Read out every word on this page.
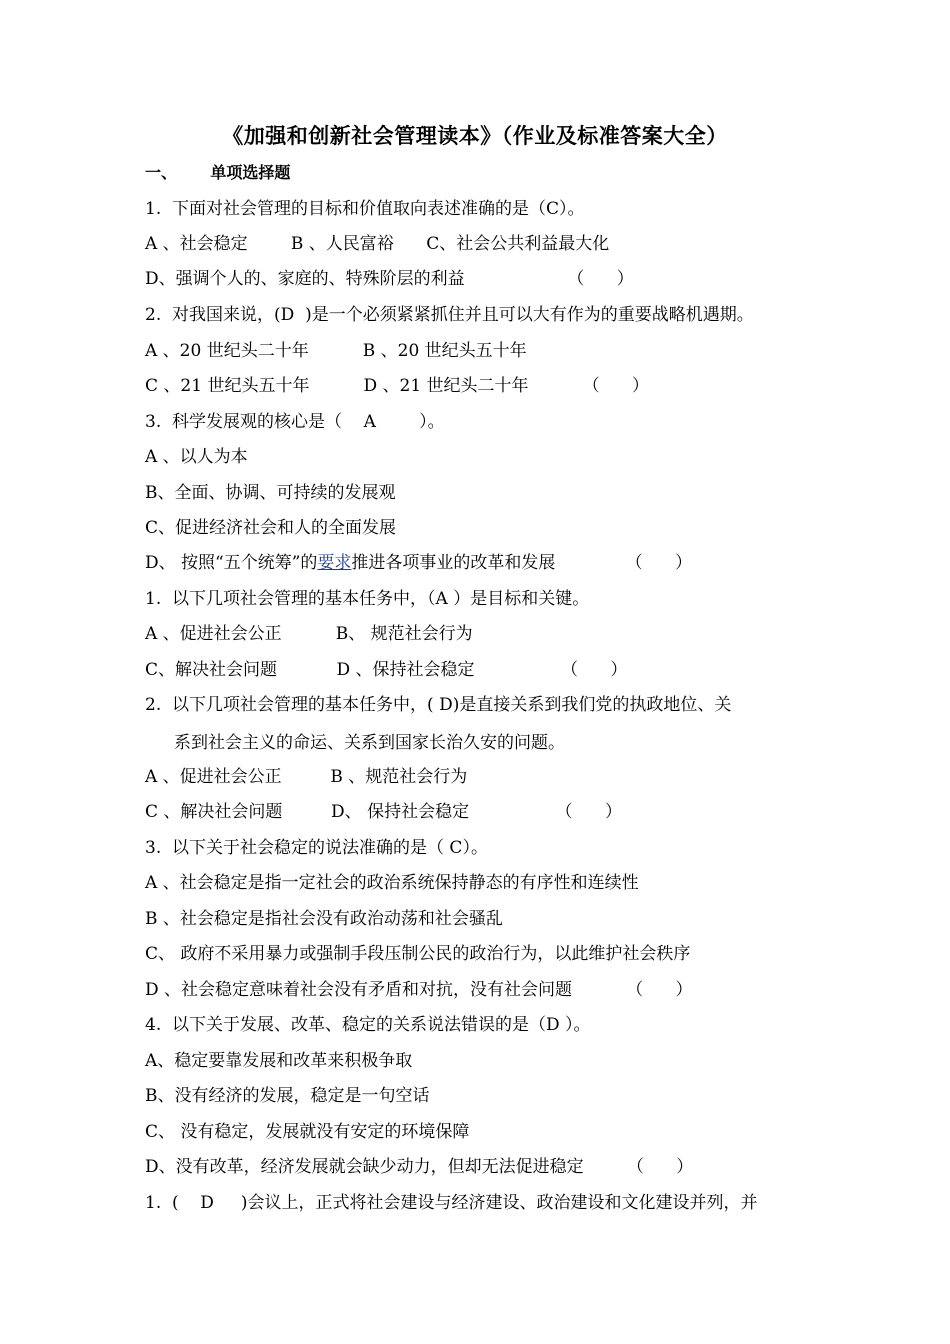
《加强和创新社会管理读本》（作业及标准答案大全）
一、      单项选择题
1.  下面对社会管理的目标和价值取向表述准确的是（C）。
A 、社会稳定        B 、人民富裕      C、社会公共利益最大化
D、强调个人的、家庭的、特殊阶层的利益                   （      ）
2.  对我国来说，(D  )是一个必须紧紧抓住并且可以大有作为的重要战略机遇期。
A 、20 世纪头二十年          B 、20 世纪头五十年
C 、21 世纪头五十年          D 、21 世纪头二十年          （      ）
3.  科学发展观的核心是（    A        ）。
A 、以人为本
B、全面、协调、可持续的发展观
C、促进经济社会和人的全面发展
D、 按照“五个统筹”的要求推进各项事业的改革和发展             （      ）
1.  以下几项社会管理的基本任务中，（A ）是目标和关键。
A 、促进社会公正          B、 规范社会行为
C、解决社会问题           D 、保持社会稳定                （      ）
2.  以下几项社会管理的基本任务中，( D)是直接关系到我们党的执政地位、关
系到社会主义的命运、关系到国家长治久安的问题。
A 、促进社会公正         B 、规范社会行为
C 、解决社会问题         D、 保持社会稳定                （      ）
3.  以下关于社会稳定的说法准确的是（ C）。
A 、社会稳定是指一定社会的政治系统保持静态的有序性和连续性
B 、社会稳定是指社会没有政治动荡和社会骚乱
C、 政府不采用暴力或强制手段压制公民的政治行为，以此维护社会秩序
D 、社会稳定意味着社会没有矛盾和对抗，没有社会问题          （      ）
4.  以下关于发展、改革、稳定的关系说法错误的是（D ）。
A、稳定要靠发展和改革来积极争取
B、没有经济的发展，稳定是一句空话
C、 没有稳定，发展就没有安定的环境保障
D、没有改革，经济发展就会缺少动力，但却无法促进稳定        （      ）
1.  (    D     )会议上，正式将社会建设与经济建设、政治建设和文化建设并列，并
